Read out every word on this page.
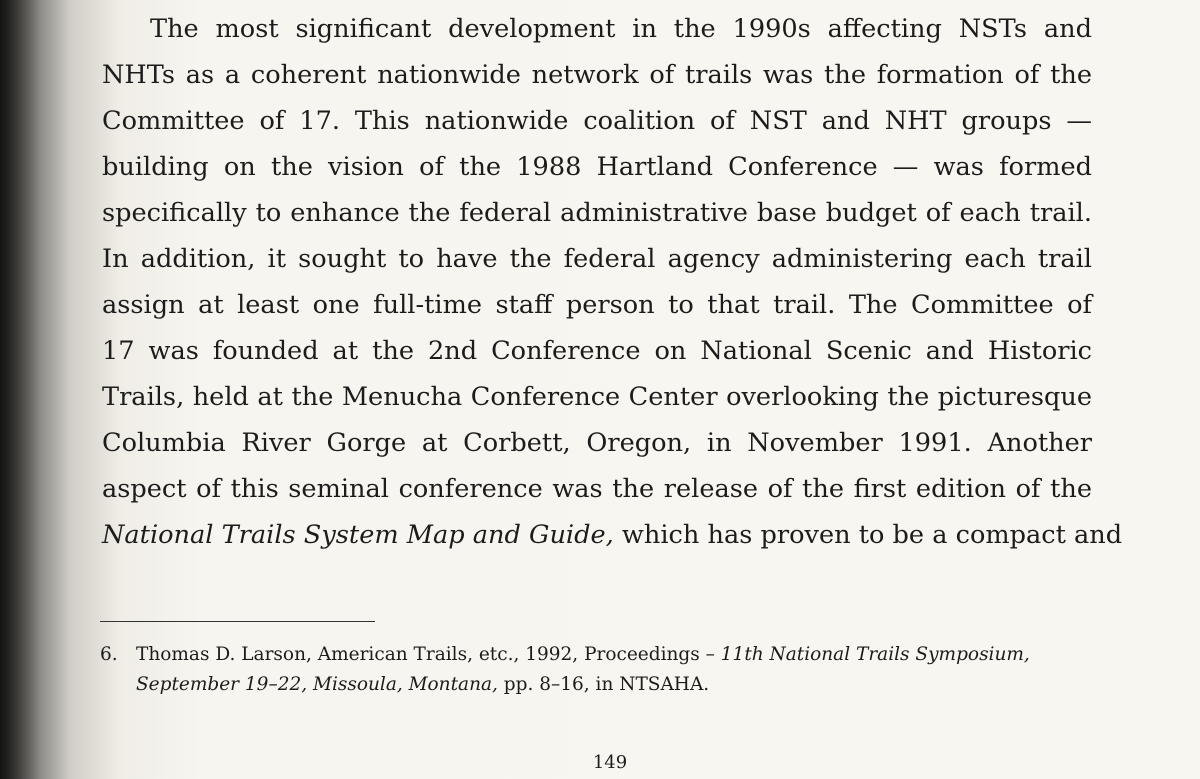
The most significant development in the 1990s affecting NSTs and
NHTs as a coherent nationwide network of trails was the formation of the
Committee of 17. This nationwide coalition of NST and NHT groups —
building on the vision of the 1988 Hartland Conference — was formed
specifically to enhance the federal administrative base budget of each trail.
In addition, it sought to have the federal agency administering each trail
assign at least one full-time staff person to that trail. The Committee of
17 was founded at the 2nd Conference on National Scenic and Historic
Trails, held at the Menucha Conference Center overlooking the picturesque
Columbia River Gorge at Corbett, Oregon, in November 1991. Another
aspect of this seminal conference was the release of the first edition of the
National Trails System Map and Guide, which has proven to be a compact and
6. Thomas D. Larson, American Trails, etc., 1992, Proceedings – 11th National Trails Symposium,
September 19–22, Missoula, Montana, pp. 8–16, in NTSAHA.
149
